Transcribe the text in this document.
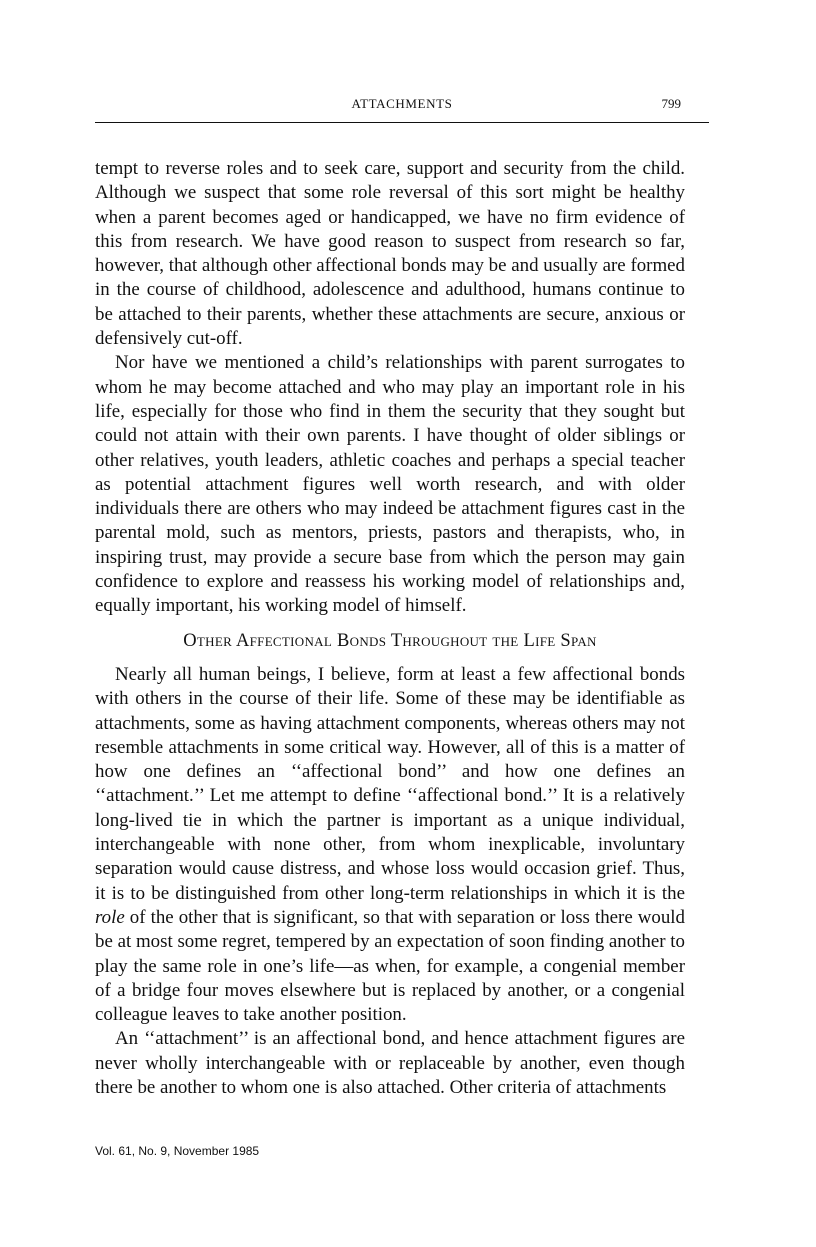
ATTACHMENTS	799

tempt to reverse roles and to seek care, support and security from the child. Although we suspect that some role reversal of this sort might be healthy when a parent becomes aged or handicapped, we have no firm evidence of this from research. We have good reason to suspect from research so far, however, that although other affectional bonds may be and usually are formed in the course of childhood, adolescence and adulthood, humans continue to be attached to their parents, whether these attachments are secure, anxious or defensively cut-off.

Nor have we mentioned a child’s relationships with parent surrogates to whom he may become attached and who may play an important role in his life, especially for those who find in them the security that they sought but could not attain with their own parents. I have thought of older siblings or other relatives, youth leaders, athletic coaches and perhaps a special teacher as potential attachment figures well worth research, and with older individuals there are others who may indeed be attachment figures cast in the parental mold, such as mentors, priests, pastors and therapists, who, in inspiring trust, may provide a secure base from which the person may gain confidence to explore and reassess his working model of relationships and, equally important, his working model of himself.

Other Affectional Bonds Throughout the Life Span

Nearly all human beings, I believe, form at least a few affectional bonds with others in the course of their life. Some of these may be identifiable as attachments, some as having attachment components, whereas others may not resemble attachments in some critical way. However, all of this is a matter of how one defines an ‘‘affectional bond’’ and how one defines an ‘‘attachment.’’ Let me attempt to define ‘‘affectional bond.’’ It is a relatively long-lived tie in which the partner is important as a unique individual, interchangeable with none other, from whom inexplicable, involuntary separation would cause distress, and whose loss would occasion grief. Thus, it is to be distinguished from other long-term relationships in which it is the role of the other that is significant, so that with separation or loss there would be at most some regret, tempered by an expectation of soon finding another to play the same role in one’s life—as when, for example, a congenial member of a bridge four moves elsewhere but is replaced by another, or a congenial colleague leaves to take another position.

An ‘‘attachment’’ is an affectional bond, and hence attachment figures are never wholly interchangeable with or replaceable by another, even though there be another to whom one is also attached. Other criteria of attachments

Vol. 61, No. 9, November 1985
